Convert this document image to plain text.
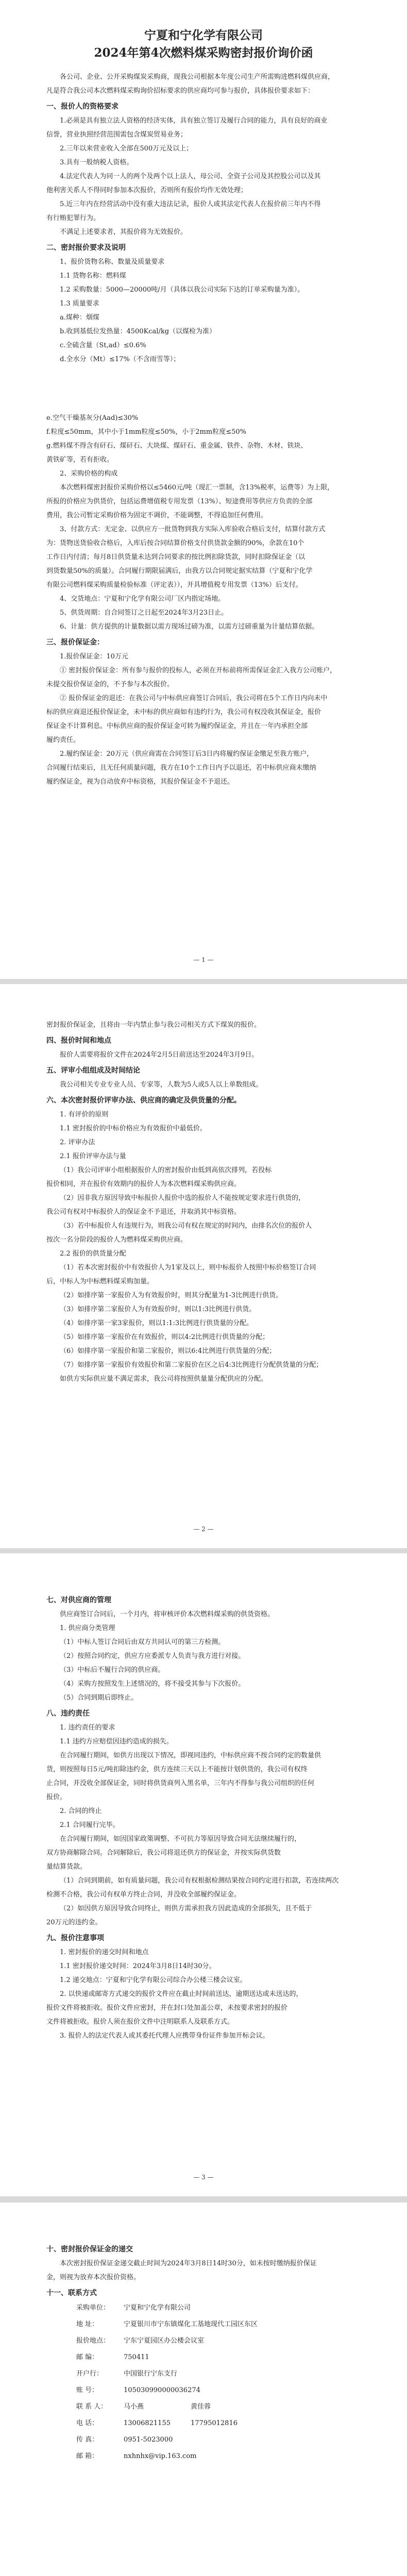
宁夏和宁化学有限公司
2024年第4次燃料煤采购密封报价询价函
各公司、企业、公开采购煤炭采购商，现我公司根据本年度公司生产所需购进燃料煤供应商，
凡是符合我公司本次燃料煤采购询价招标要求的供应商均可参与报价，具体报价要求如下：
一、报价人的资格要求
1.必须是具有独立法人资格的经济实体，具有独立签订及履行合同的能力，具有良好的商业
信誉，营业执照经营范围需包含煤炭贸易业务；
2.三年以来营业收入全部在500万元及以上；
3.具有一般纳税人资格。
4.法定代表人为同一人的两个及两个以上法人，母公司、全资子公司及其控股公司以及其
他利害关系人不得同时参加本次报价，否则所有报价均作无效处理；
5.近三年内在经营活动中没有重大违法记录，报价人或其法定代表人在报价前三年内不得
有行贿犯罪行为。
不满足上述要求者，其报价将为无效报价。
二、密封报价要求及说明
1、报价货物名称、数量及质量要求
1.1 货物名称：燃料煤
1.2 采购数量：5000—20000吨/月（具体以我公司实际下达的订单采购量为准）。
1.3 质量要求
a.煤种：烟煤
b.收到基低位发热量：4500Kcal/kg（以煤检为准）
c.全硫含量（St,ad）≤0.6%
d.全水分（Mt）≤17%（不含雨雪等）；
e.空气干燥基灰分(Aad)≤30%
f.粒度≤50mm，其中小于1mm粒度≤50%，小于2mm粒度≤50%
g.燃料煤不得含有矸石、煤矸石、大块煤、煤矸石、重金属、铁件、杂物、木材、铁块、
黄铁矿等，若有拒收。
2、采购价格的构成
本次燃料煤密封报价采购价格以≤5460元/吨（现汇一票制，含13%税率，运费等）为上限，
所报的价格应为供货价，包括运费增值税专用发票（13%）、短途费用等供应方负责的全部
费用，我公司暂定采购价格为固定不调价，不能调整，不得追加任何费用。
3、付款方式：无定金、以供应方一批货物到我方实际入库验收合格后支付，结算付款方式
为：货物送货验收合格后，入库后按合同结算价格支付供货款金额的90%，余款在10个
工作日内付清；每月8日供货量未达到合同要求的按比例扣除货款，同时扣除保证金（以
到货数量50%的质量）。合同履行期限届满后，由我方以合同规定据实结算（宁夏和宁化学
有限公司燃料煤采购质量检验标准（评定表）），开具增值税专用发票（13%）后支付。
4、交货地点：宁夏和宁化学有限公司厂区内指定场地。
5、供货周期：自合同签订之日起至2024年3月23日止。
6、计量：供方提供的计量数据以需方现场过磅为准，以需方过磅重量为计量结算依据。
三、报价保证金：
1.报价保证金：10万元
① 密封报价保证金：所有参与报价的投标人，必须在开标前将所需保证金汇入我方公司账户，
未提交报价保证金的，不予参与本次报价。
② 报价保证金的退还：在我公司与中标供应商签订合同后，我公司将在5个工作日内向未中
标的供应商退还报价保证金，未中标的供应商如有违约行为，我公司有权没收其保证金，报价
保证金不计算利息。中标供应商的报价保证金可转为履约保证金，并且在一年内承担全部
履约责任。
2.履约保证金：20万元（供应商需在合同签订后3日内将履约保证金缴足至我方账户，
合同履行结束后，且无任何质量问题，我方在10个工作日内予以退还，若中标供应商未缴纳
履约保证金，视为自动放弃中标资格，其报价保证金不予退还。
— 1 —
密封报价保证金，且将由一年内禁止参与我公司相关方式下煤炭的报价。
四、报价时间和地点
报价人需要将报价文件在2024年2月5日前送达至2024年3月9日。
五、评审小组组成及时间结论
我公司相关专业专业人员、专家等，人数为5人或5人以上单数组成。
六、本次密封报价评审办法、供应商的确定及供货量的分配。
1. 有评价的原则
1.1 密封报价的中标价格应为有效报价中最低价。
2. 评审办法
2.1 报价评审办法与量
（1）我公司评审小组根据报价人的密封报价由低到高依次排列，若投标
报价相同，并在报价有效期内的报价人为本次燃料煤采购供应商。
（2）因非我方原因导致中标报价人报价中选的报价人不能按规定要求进行供货的，
我公司有权对中标报价人的保证金不予退还，并取消其中标资格。
（3）若中标报价人有违规行为，则我公司有权在规定的时间内，由排名次位的报价人
按次一名分阶段的报价人为燃料煤采购供应商。
2.2 报价的供货量分配
（1）若本次密封报价中有效报价人为1家及以上，则中标报价人按照中标价格签订合同
后，中标人为中标燃料煤采购加量。
（2）如排序第一家报价人为有效报价时，则其分配量为1-3比例进行供货。
（3）如排序第二家报价人为有效报价时，则以1:3比例进行供货。
（4）如排序第一家3家报价，则以1:1:3比例进行供货量的分配。
（5）如排序第一家报价在有效报价，则以4:2比例进行供货量的分配；
（6）如排序第一家报价和第二家报价，则以6:4比例进行供货量的分配；
（7）如排序第一家报价有效报价和第二家报价在区之后4:3比例进行分配供货量的分配；
如供方实际供应量不满足需求，我公司将按照供量量分配供应的分配。
— 2 —
七、对供应商的管理
供应商签订合同后，一个月内，将审核评价本次燃料煤采购的供货资格。
1. 供应商分类管理
（1）中标人签订合同后由双方共同认可的第三方检测。
（2）按照合同约定，供应方应委派专人负责与我方进行对接。
（3）中标后不履行合同的供应商。
（4）采购方按照发生上述情况的，将不接受其参与下次报价。
（5）合同到期后即终止。
八、违约责任
1. 违约责任的要求
1.1 违约方应赔偿因违约造成的损失。
在合同履行期间，如供方出现以下情况，即视同违约，中标供应商不按合同约定的数量供
货，则按照每日5元/吨扣除违约金，供方连续三天以上不能按计划供货的，我公司有权终
止合同，并没收全部保证金，同时将供货商列入黑名单，三年内不得参与我公司组织的任何
报价。
2. 合同的终止
2.1 合同履行完毕。
在合同履行期间，如因国家政策调整、不可抗力等原因导致合同无法继续履行的，
双方协商解除合同。合同解除后，我公司将退还供方的保证金，并按实际供货数
量结算货款。
（1）合同到期前，如有质量问题，我公司有权根据检测结果按合同约定进行扣款，若连续两次
检测不合格，我公司有权单方终止合同，并没收全部履约保证金。
（2）如因供方原因导致合同终止，则供方需承担我方因此造成的全部损失，且不低于
20万元的违约金。
九、报价注意事项
1. 密封报价的递交时间和地点
1.1 密封报价递交时间：2024年3月8日14时30分。
1.2 递交地点：宁夏和宁化学有限公司综合办公楼三楼会议室。
2. 以快递或邮寄方式递交的报价文件应在截止时间前送达，逾期送达或未送达的，
报价文件将被拒收。报价文件应密封，并在封口处加盖公章，未按要求密封的报价
文件将被拒收。报价人须在报价文件中注明联系人及联系方式。
3. 报价人的法定代表人或其委托代理人应携带身份证件参加开标会议。
— 3 —
十、密封报价保证金的递交
本次密封报价保证金递交截止时间为2024年3月8日14时30分，如未按时缴纳报价保证
金，则视为放弃本次报价资格。
十一、联系方式
采购单位： 宁夏和宁化学有限公司
地 址：	宁夏银川市宁东镇煤化工基地现代工园区东区
报价地点： 宁东宁夏园区办公楼会议室
邮 编：	750411
开户行：	中国银行宁东支行
账 号：	105030990000036274
联 系 人： 马小燕	黄佳蓉
电 话：	13006821155	17795012816
传 真：	0951-5023000
邮 箱：	nxhnhx@vip.163.com
